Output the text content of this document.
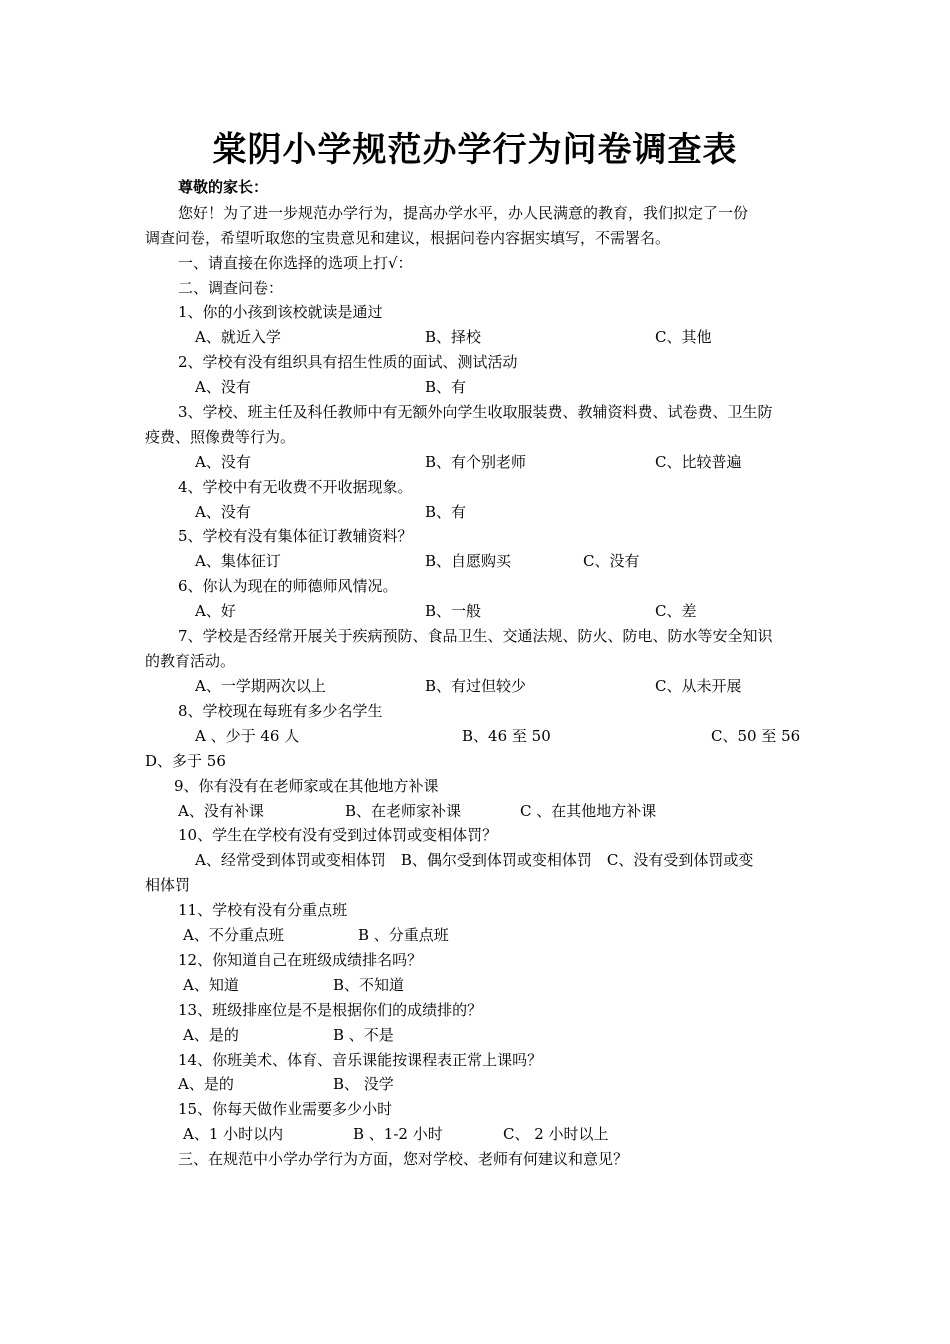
棠阴小学规范办学行为问卷调查表
尊敬的家长：
您好！为了进一步规范办学行为，提高办学水平，办人民满意的教育，我们拟定了一份
调查问卷，希望听取您的宝贵意见和建议，根据问卷内容据实填写，不需署名。
一、请直接在你选择的选项上打√：
二、调查问卷：
1、你的小孩到该校就读是通过
A、就近入学	B、择校	C、其他
2、学校有没有组织具有招生性质的面试、测试活动
A、没有	B、有
3、学校、班主任及科任教师中有无额外向学生收取服装费、教辅资料费、试卷费、卫生防
疫费、照像费等行为。
A、没有	B、有个别老师	C、比较普遍
4、学校中有无收费不开收据现象。
A、没有	B、有
5、学校有没有集体征订教辅资料？
A、集体征订	B、自愿购买	C、没有
6、你认为现在的师德师风情况。
A、好	B、一般	C、差
7、学校是否经常开展关于疾病预防、食品卫生、交通法规、防火、防电、防水等安全知识
的教育活动。
A、一学期两次以上	B、有过但较少	C、从未开展
8、学校现在每班有多少名学生
A 、少于 46 人	B、46 至 50	C、50 至 56
D、多于 56
9、你有没有在老师家或在其他地方补课
A、没有补课	B、在老师家补课	C 、在其他地方补课
10、学生在学校有没有受到过体罚或变相体罚？
A、经常受到体罚或变相体罚　B、偶尔受到体罚或变相体罚　C、没有受到体罚或变
相体罚
11、学校有没有分重点班
A、不分重点班	B 、分重点班
12、你知道自己在班级成绩排名吗？
A、知道	B、不知道
13、班级排座位是不是根据你们的成绩排的？
A、是的	B 、不是
14、你班美术、体育、音乐课能按课程表正常上课吗？
A、是的	B、 没学
15、你每天做作业需要多少小时
A、1 小时以内	B 、1-2 小时	C、 2 小时以上
三、在规范中小学办学行为方面，您对学校、老师有何建议和意见？
